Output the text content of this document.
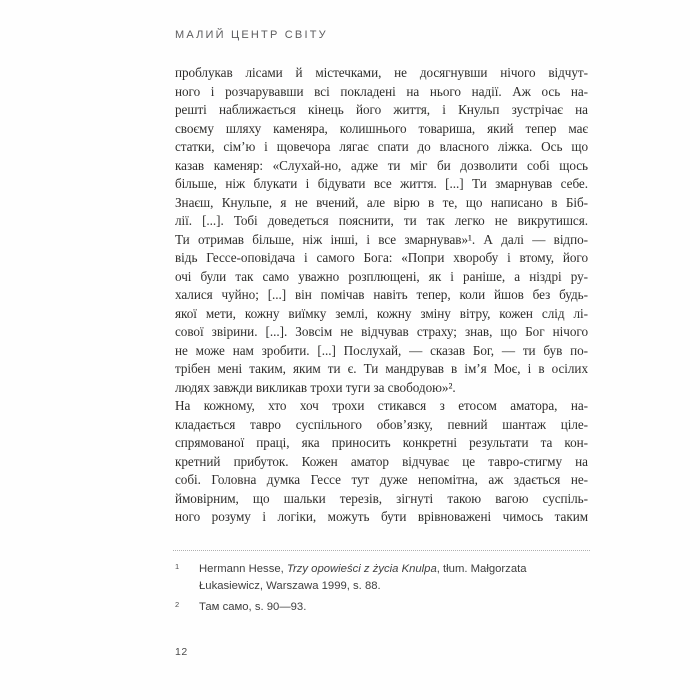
МАЛИЙ ЦЕНТР СВІТУ
проблукав лісами й містечками, не досягнувши нічого відчут-
ного і розчарувавши всі покладені на нього надії. Аж ось на-
решті наближається кінець його життя, і Кнульп зустрічає на
своєму шляху каменяра, колишнього товариша, який тепер має
статки, сім’ю і щовечора лягає спати до власного ліжка. Ось що
казав каменяр: «Слухай-но, адже ти міг би дозволити собі щось
більше, ніж блукати і бідувати все життя. [...] Ти змарнував себе.
Знаєш, Кнульпе, я не вчений, але вірю в те, що написано в Біб-
лії. [...]. Тобі доведеться пояснити, ти так легко не викрутишся.
Ти отримав більше, ніж інші, і все змарнував»¹. А далі — відпо-
відь Гессе-оповідача і самого Бога: «Попри хворобу і втому, його
очі були так само уважно розплющені, як і раніше, а ніздрі ру-
халися чуйно; [...] він помічав навіть тепер, коли йшов без будь-
якої мети, кожну виїмку землі, кожну зміну вітру, кожен слід лі-
сової звірини. [...]. Зовсім не відчував страху; знав, що Бог нічого
не може нам зробити. [...] Послухай, — сказав Бог, — ти був по-
трібен мені таким, яким ти є. Ти мандрував в ім’я Моє, і в осілих
людях завжди викликав трохи туги за свободою»².
На кожному, хто хоч трохи стикався з етосом аматора, на-
кладається тавро суспільного обов’язку, певний шантаж ціле-
спрямованої праці, яка приносить конкретні результати та кон-
кретний прибуток. Кожен аматор відчуває це тавро-стигму на
собі. Головна думка Гессе тут дуже непомітна, аж здається не-
ймовірним, що шальки терезів, зігнуті такою вагою суспіль-
ного розуму і логіки, можуть бути врівноважені чимось таким
1	Hermann Hesse, Trzy opowieści z życia Knulpa, tłum. Małgorzata Łukasiewicz, Warszawa 1999, s. 88.
2	Там само, s. 90—93.
12
